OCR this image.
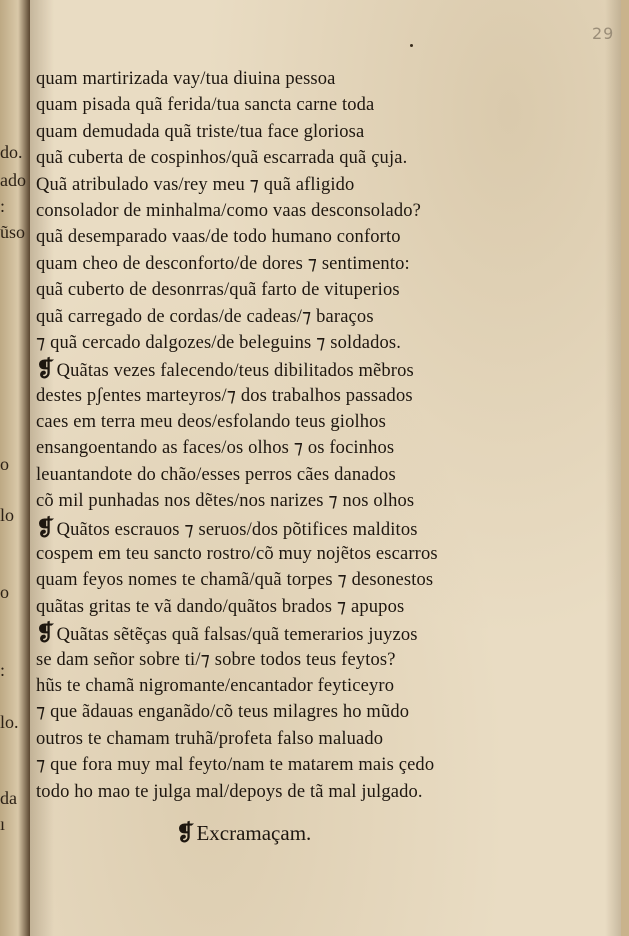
do.
ado
:
ũso
o
lo
o
:
lo.
da
ı
29
quam martirizada vay/tua diuina pessoa
quam pisada quã ferida/tua sancta carne toda
quam demudada quã triste/tua face gloriosa
quã cuberta de cospinhos/quã escarrada quã çuja.
Quã atribulado vas/rey meu ⁊ quã afligido
consolador de minhalma/como vaas desconsolado?
quã desemparado vaas/de todo humano conforto
quam cheo de desconforto/de dores ⁊ sentimento:
quã cuberto de desonrras/quã farto de vituperios
quã carregado de cordas/de cadeas/⁊ baraços
⁊ quã cercado dalgozes/de beleguins ⁊ soldados.
❡ Quãtas vezes falecendo/teus dibilitados mẽbros
destes pʃentes marteyros/⁊ dos trabalhos passados
caes em terra meu deos/esfolando teus giolhos
ensangoentando as faces/os olhos ⁊ os focinhos
leuantandote do chão/esses perros cães danados
cõ mil punhadas nos dẽtes/nos narizes ⁊ nos olhos
❡ Quãtos escrauos ⁊ seruos/dos põtifices malditos
cospem em teu sancto rostro/cõ muy nojẽtos escarros
quam feyos nomes te chamã/quã torpes ⁊ desonestos
quãtas gritas te vã dando/quãtos brados ⁊ apupos
❡ Quãtas sẽtẽças quã falsas/quã temerarios juyzos
se dam señor sobre ti/⁊ sobre todos teus feytos?
hũs te chamã nigromante/encantador feyticeyro
⁊ que ãdauas enganãdo/cõ teus milagres ho mũdo
outros te chamam truhã/profeta falso maluado
⁊ que fora muy mal feyto/nam te matarem mais çedo
todo ho mao te julga mal/depoys de tã mal julgado.
❡Excramaçam.
